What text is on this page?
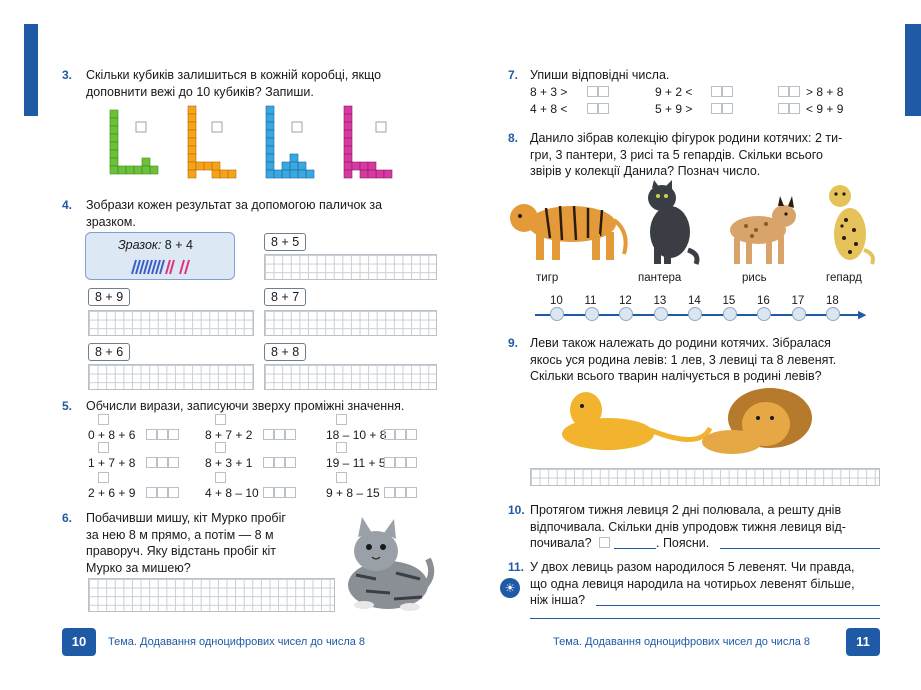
3. Скільки кубиків залишиться в кожній коробці, якщо
доповнити вежі до 10 кубиків? Запиши.
4. Зобрази кожен результат за допомогою паличок за
зразком.
Зразок: 8 + 4	8 + 5
8 + 9	8 + 7
8 + 6	8 + 8
5. Обчисли вирази, записуючи зверху проміжні значення.
0 + 8 + 6	8 + 7 + 2	18 – 10 + 8
1 + 7 + 8	8 + 3 + 1	19 – 11 + 5
2 + 6 + 9	4 + 8 – 10	9 + 8 – 15
6. Побачивши мишу, кіт Мурко пробіг
за нею 8 м прямо, а потім — 8 м
праворуч. Яку відстань пробіг кіт
Мурко за мишею?
10	Тема. Додавання одноцифрових чисел до числа 8
7. Упиши відповідні числа.
8 + 3 >	9 + 2 <	> 8 + 8
4 + 8 <	5 + 9 >	< 9 + 9
8. Данило зібрав колекцію фігурок родини котячих: 2 ти-
гри, 3 пантери, 3 рисі та 5 гепардів. Скільки всього
звірів у колекції Данила? Познач число.
тигр	пантера	рись	гепард
▶
10 11 12 13 14 15 16 17 18
9. Леви також належать до родини котячих. Зібралася
якось уся родина левів: 1 лев, 3 левиці та 8 левенят.
Скільки всього тварин налічується в родині левів?
10. Протягом тижня левиця 2 дні полювала, а решту днів
відпочивала. Скільки днів упродовж тижня левиця від-
почивала?	. Поясни.
11.
☀
У двох левиць разом народилося 5 левенят. Чи правда,
що одна левиця народила на чотирьох левенят більше,
ніж інша?
Тема. Додавання одноцифрових чисел до числа 8	11
